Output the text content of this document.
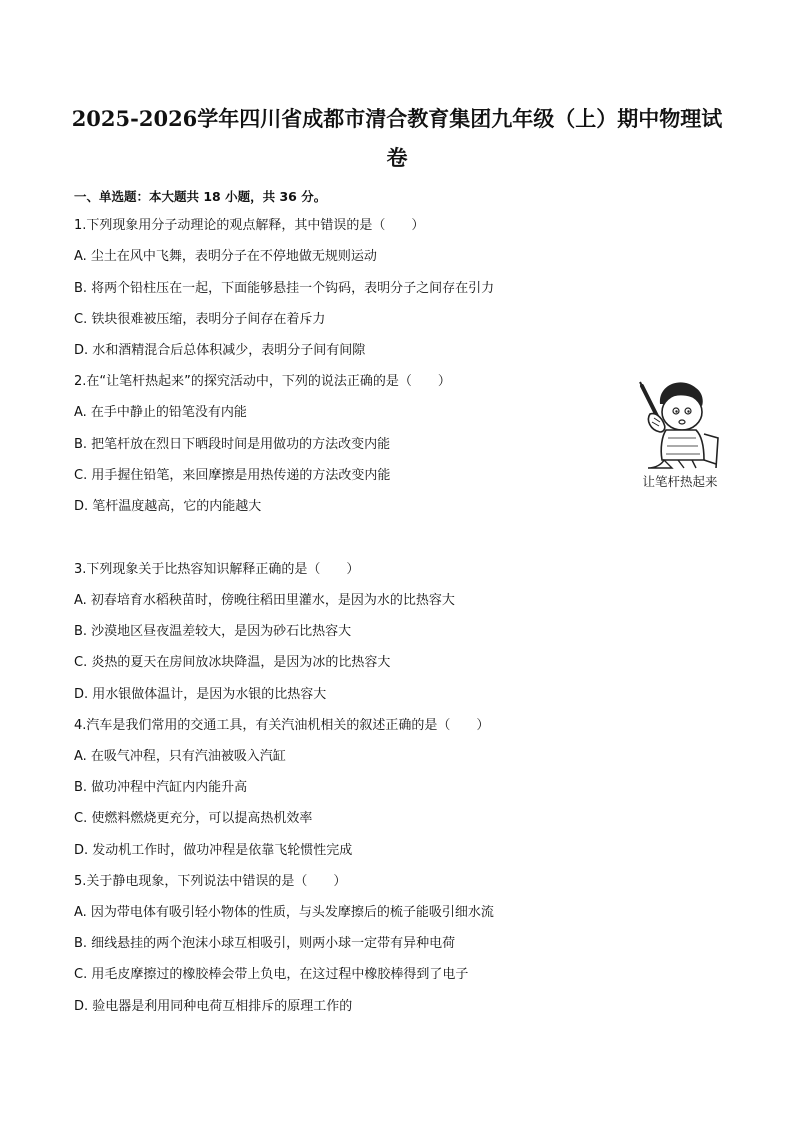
2025-2026学年四川省成都市清合教育集团九年级（上）期中物理试
卷
一、单选题：本大题共 18 小题，共 36 分。
1.下列现象用分子动理论的观点解释，其中错误的是（　　）
A. 尘土在风中飞舞，表明分子在不停地做无规则运动
B. 将两个铅柱压在一起，下面能够悬挂一个钩码，表明分子之间存在引力
C. 铁块很难被压缩，表明分子间存在着斥力
D. 水和酒精混合后总体积减少，表明分子间有间隙
2.在“让笔杆热起来”的探究活动中，下列的说法正确的是（　　）
A. 在手中静止的铅笔没有内能
B. 把笔杆放在烈日下晒段时间是用做功的方法改变内能
C. 用手握住铅笔，来回摩擦是用热传递的方法改变内能
D. 笔杆温度越高，它的内能越大
让笔杆热起来
3.下列现象关于比热容知识解释正确的是（　　）
A. 初春培育水稻秧苗时，傍晚往稻田里灌水，是因为水的比热容大
B. 沙漠地区昼夜温差较大，是因为砂石比热容大
C. 炎热的夏天在房间放冰块降温，是因为冰的比热容大
D. 用水银做体温计，是因为水银的比热容大
4.汽车是我们常用的交通工具，有关汽油机相关的叙述正确的是（　　）
A. 在吸气冲程，只有汽油被吸入汽缸
B. 做功冲程中汽缸内内能升高
C. 使燃料燃烧更充分，可以提高热机效率
D. 发动机工作时，做功冲程是依靠飞轮惯性完成
5.关于静电现象，下列说法中错误的是（　　）
A. 因为带电体有吸引轻小物体的性质，与头发摩擦后的梳子能吸引细水流
B. 细线悬挂的两个泡沫小球互相吸引，则两小球一定带有异种电荷
C. 用毛皮摩擦过的橡胶棒会带上负电，在这过程中橡胶棒得到了电子
D. 验电器是利用同种电荷互相排斥的原理工作的
